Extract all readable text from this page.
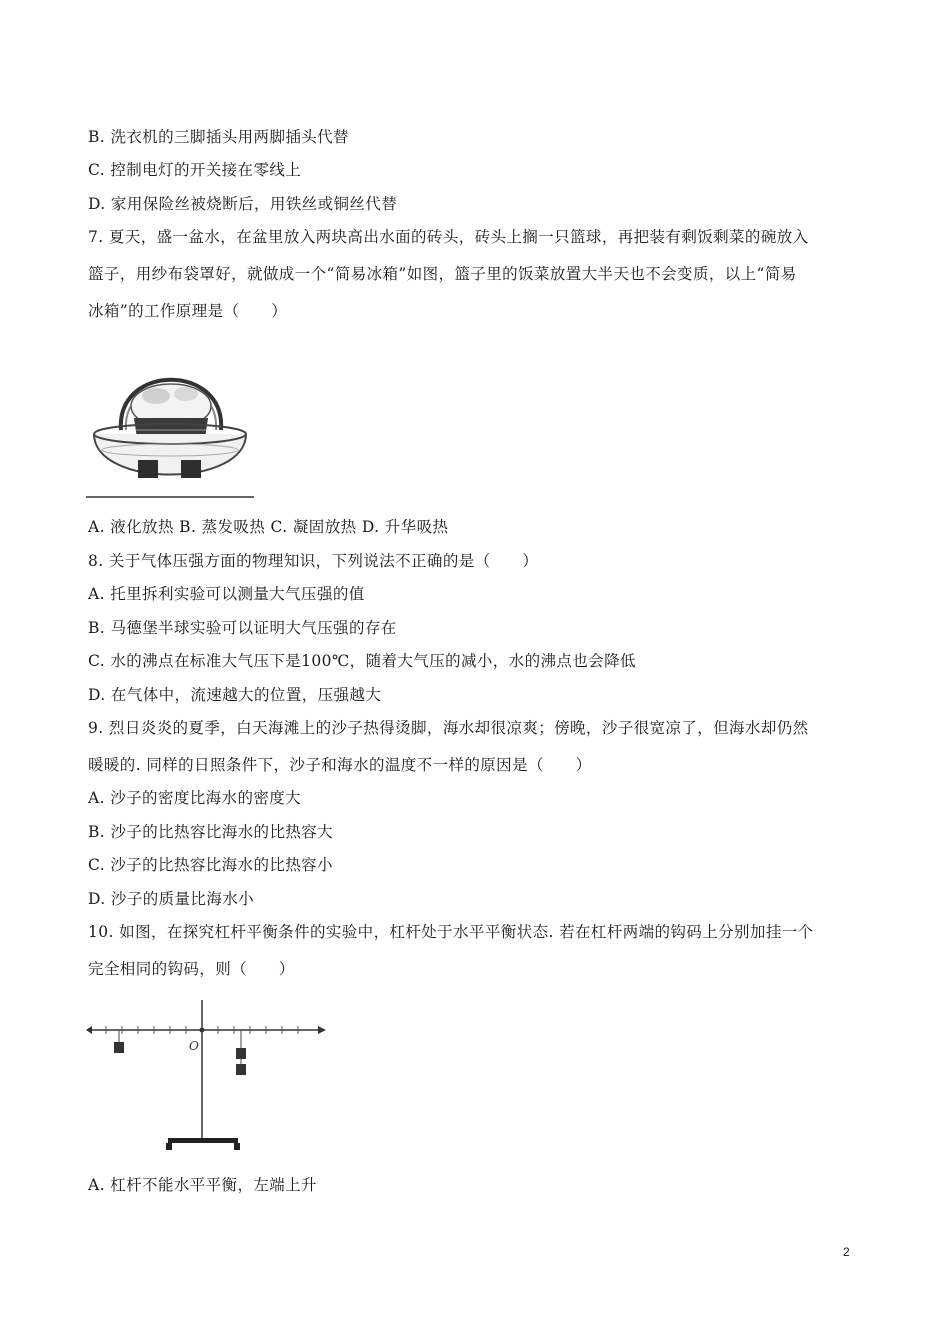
B. 洗衣机的三脚插头用两脚插头代替
C. 控制电灯的开关接在零线上
D. 家用保险丝被烧断后，用铁丝或铜丝代替
7. 夏天，盛一盆水，在盆里放入两块高出水面的砖头，砖头上搁一只篮球，再把装有剩饭剩菜的碗放入
篮子，用纱布袋罩好，就做成一个“简易冰箱”如图，篮子里的饭菜放置大半天也不会变质，以上“简易
冰箱”的工作原理是（　　）
A. 液化放热 B. 蒸发吸热 C. 凝固放热 D. 升华吸热
8. 关于气体压强方面的物理知识，下列说法不正确的是（　　）
A. 托里拆利实验可以测量大气压强的值
B. 马德堡半球实验可以证明大气压强的存在
C. 水的沸点在标准大气压下是100℃，随着大气压的减小，水的沸点也会降低
D. 在气体中，流速越大的位置，压强越大
9. 烈日炎炎的夏季，白天海滩上的沙子热得烫脚，海水却很凉爽；傍晚，沙子很宽凉了，但海水却仍然
暖暖的. 同样的日照条件下，沙子和海水的温度不一样的原因是（　　）
A. 沙子的密度比海水的密度大
B. 沙子的比热容比海水的比热容大
C. 沙子的比热容比海水的比热容小
D. 沙子的质量比海水小
10. 如图，在探究杠杆平衡条件的实验中，杠杆处于水平平衡状态. 若在杠杆两端的钩码上分别加挂一个
完全相同的钩码，则（　　）
O
A. 杠杆不能水平平衡，左端上升
2
